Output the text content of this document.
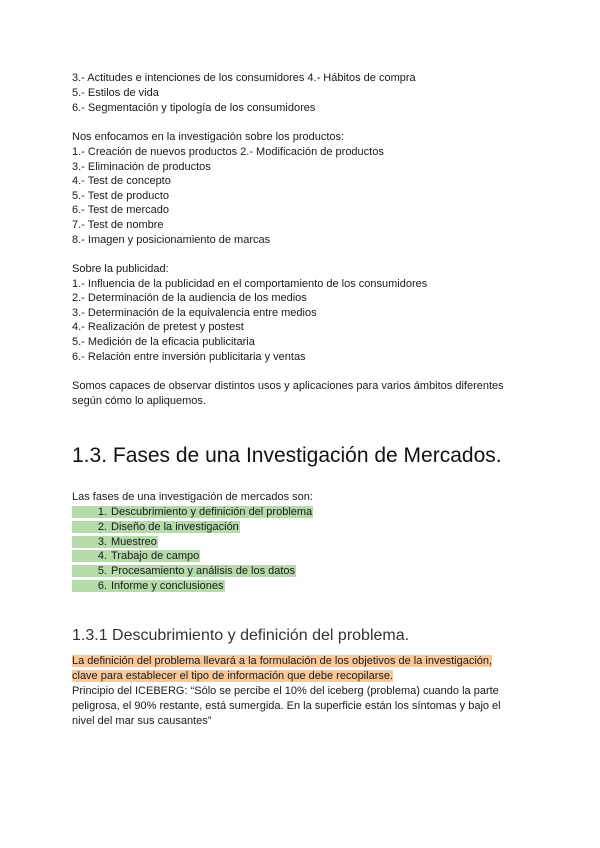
3.- Actitudes e intenciones de los consumidores 4.- Hábitos de compra
5.- Estilos de vida
6.- Segmentación y tipología de los consumidores
Nos enfocamos en la investigación sobre los productos:
1.- Creación de nuevos productos 2.- Modificación de productos
3.- Eliminación de productos
4.- Test de concepto
5.- Test de producto
6.- Test de mercado
7.- Test de nombre
8.- Imagen y posicionamiento de marcas
Sobre la publicidad:
1.- Influencia de la publicidad en el comportamiento de los consumidores
2.- Determinación de la audiencia de los medios
3.- Determinación de la equivalencia entre medios
4.- Realización de pretest y postest
5.- Medición de la eficacia publicitaria
6.- Relación entre inversión publicitaria y ventas
Somos capaces de observar distintos usos y aplicaciones para varios ámbitos diferentes según cómo lo apliquemos.
1.3. Fases de una Investigación de Mercados.
Las fases de una investigación de mercados son:
1. Descubrimiento y definición del problema
2. Diseño de la investigación
3. Muestreo
4. Trabajo de campo
5. Procesamiento y análisis de los datos
6. Informe y conclusiones
1.3.1 Descubrimiento y definición del problema.
La definición del problema llevará a la formulación de los objetivos de la investigación, clave para establecer el tipo de información que debe recopilarse.
Principio del ICEBERG: “Sólo se percibe el 10% del iceberg (problema) cuando la parte peligrosa, el 90% restante, está sumergida. En la superficie están los síntomas y bajo el nivel del mar sus causantes”
